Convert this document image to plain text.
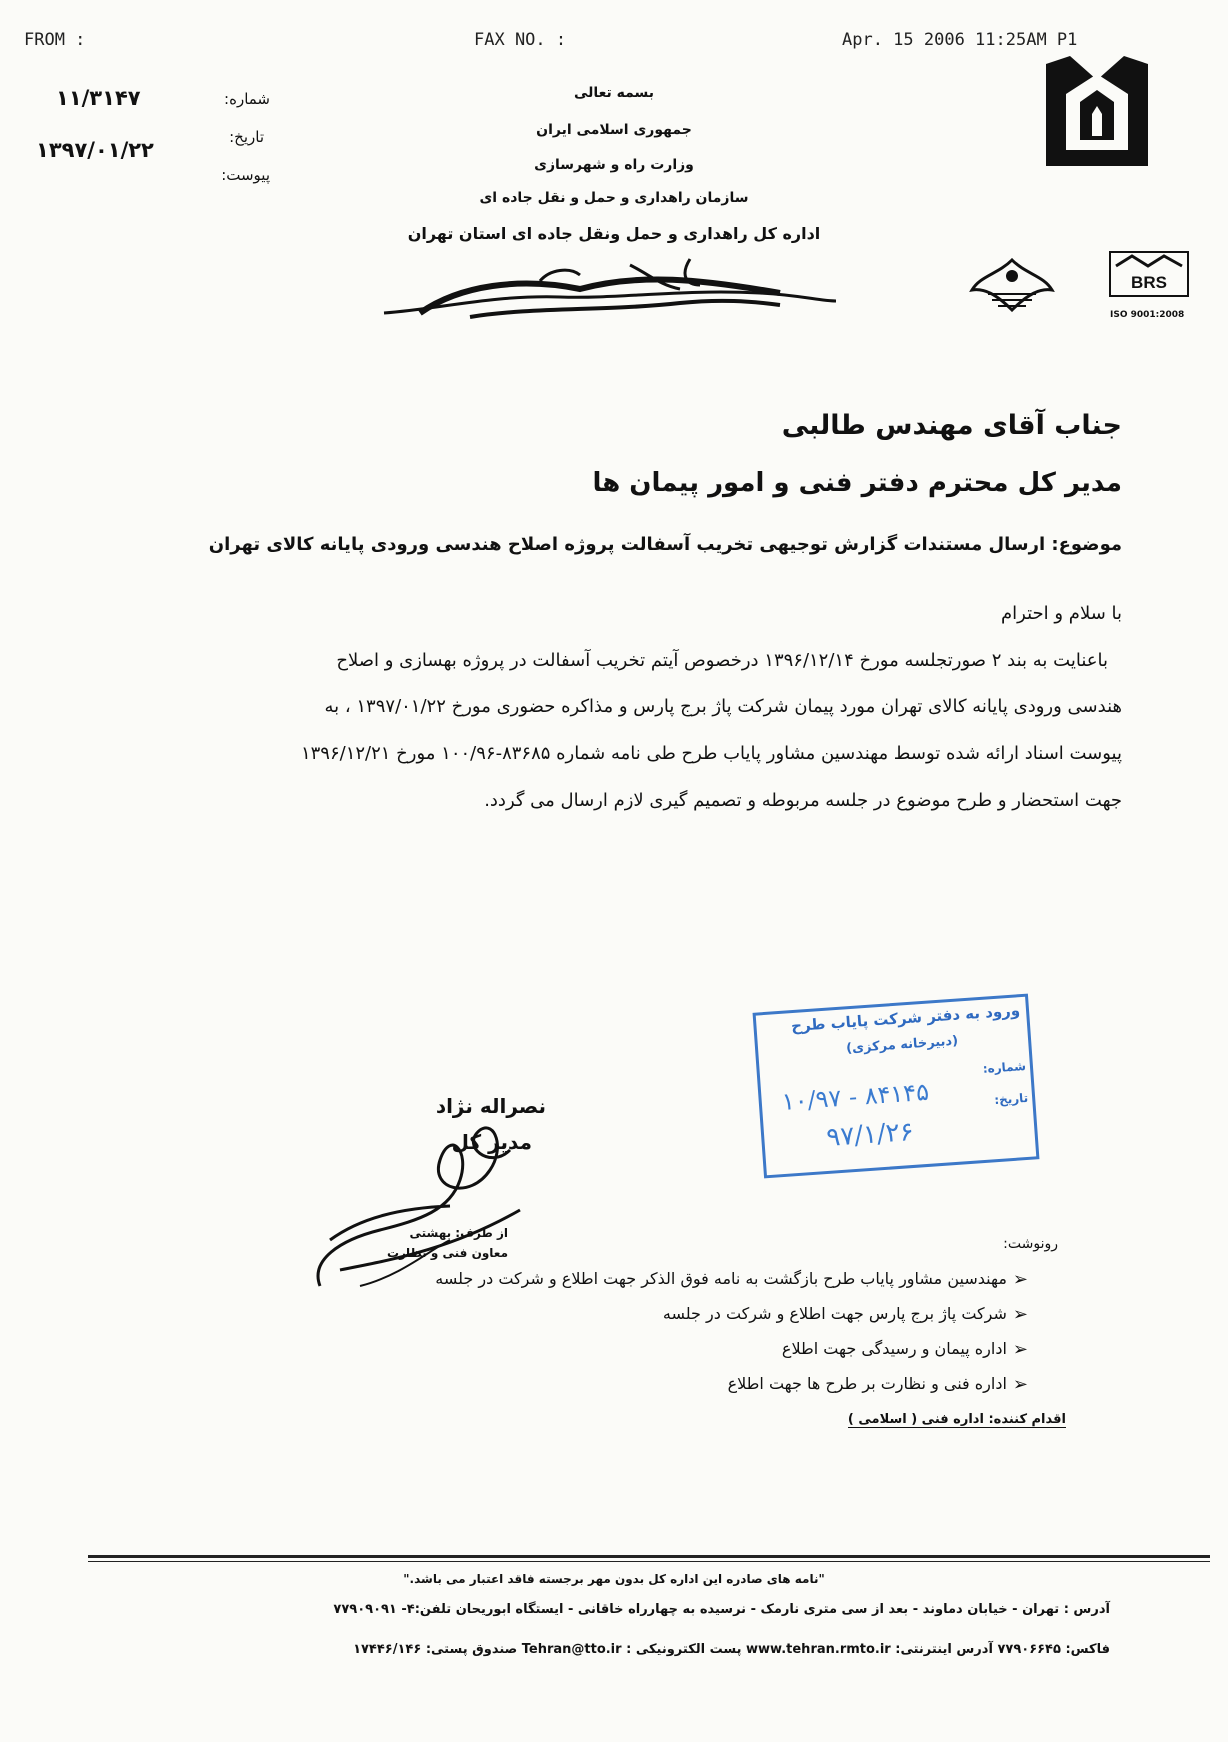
FROM :	FAX NO. :	Apr. 15 2006 11:25AM P1
BRS
ISO 9001:2008
بسمه تعالی
جمهوری اسلامی ایران
وزارت راه و شهرسازی
سازمان راهداری و حمل و نقل جاده ای
اداره کل راهداری و حمل ونقل جاده ای استان تهران
شماره:
۱۱/۳۱۴۷
تاریخ:
۱۳۹۷/۰۱/۲۲
پیوست:
جناب آقای مهندس طالبی
مدیر کل محترم دفتر فنی و امور پیمان ها
موضوع: ارسال مستندات گزارش توجیهی تخریب آسفالت پروژه اصلاح هندسی ورودی پایانه کالای تهران
با سلام و احترام
باعنایت به بند ۲ صورتجلسه مورخ ۱۳۹۶/۱۲/۱۴ درخصوص آیتم تخریب آسفالت در پروژه بهسازی و اصلاح
هندسی ورودی پایانه کالای تهران مورد پیمان شرکت پاژ برج پارس و مذاکره حضوری مورخ ۱۳۹۷/۰۱/۲۲ ، به
پیوست اسناد ارائه شده توسط مهندسین مشاور پایاب طرح طی نامه شماره ۸۳۶۸۵-۱۰۰/۹۶ مورخ ۱۳۹۶/۱۲/۲۱
جهت استحضار و طرح موضوع در جلسه مربوطه و تصمیم گیری لازم ارسال می گردد.
ورود به دفتر شرکت پایاب طرح
(دبیرخانه مرکزی)
شماره:
۱۰/۹۷ - ۸۴۱۴۵	تاریخ:
۹۷/۱/۲۶
نصراله نژاد
مدیر کل
از طرف: بهشتی
معاون فنی و نظارت
رونوشت:
➢
مهندسین مشاور پایاب طرح بازگشت به نامه فوق الذکر جهت اطلاع و شرکت در جلسه
➢
شرکت پاژ برج پارس جهت اطلاع و شرکت در جلسه
➢
اداره پیمان و رسیدگی جهت اطلاع
➢
اداره فنی و نظارت بر طرح ها جهت اطلاع
اقدام کننده: اداره فنی ( اسلامی )
"نامه های صادره این اداره کل بدون مهر برجسته فاقد اعتبار می باشد."
آدرس : تهران - خیابان دماوند - بعد از سی متری نارمک - نرسیده به چهارراه خاقانی - ایستگاه ابوریحان تلفن:۴- ۷۷۹۰۹۰۹۱
فاکس: ۷۷۹۰۶۶۴۵ آدرس اینترنتی: www.tehran.rmto.ir پست الکترونیکی : Tehran@tto.ir صندوق پستی: ۱۷۴۴۶/۱۴۶
